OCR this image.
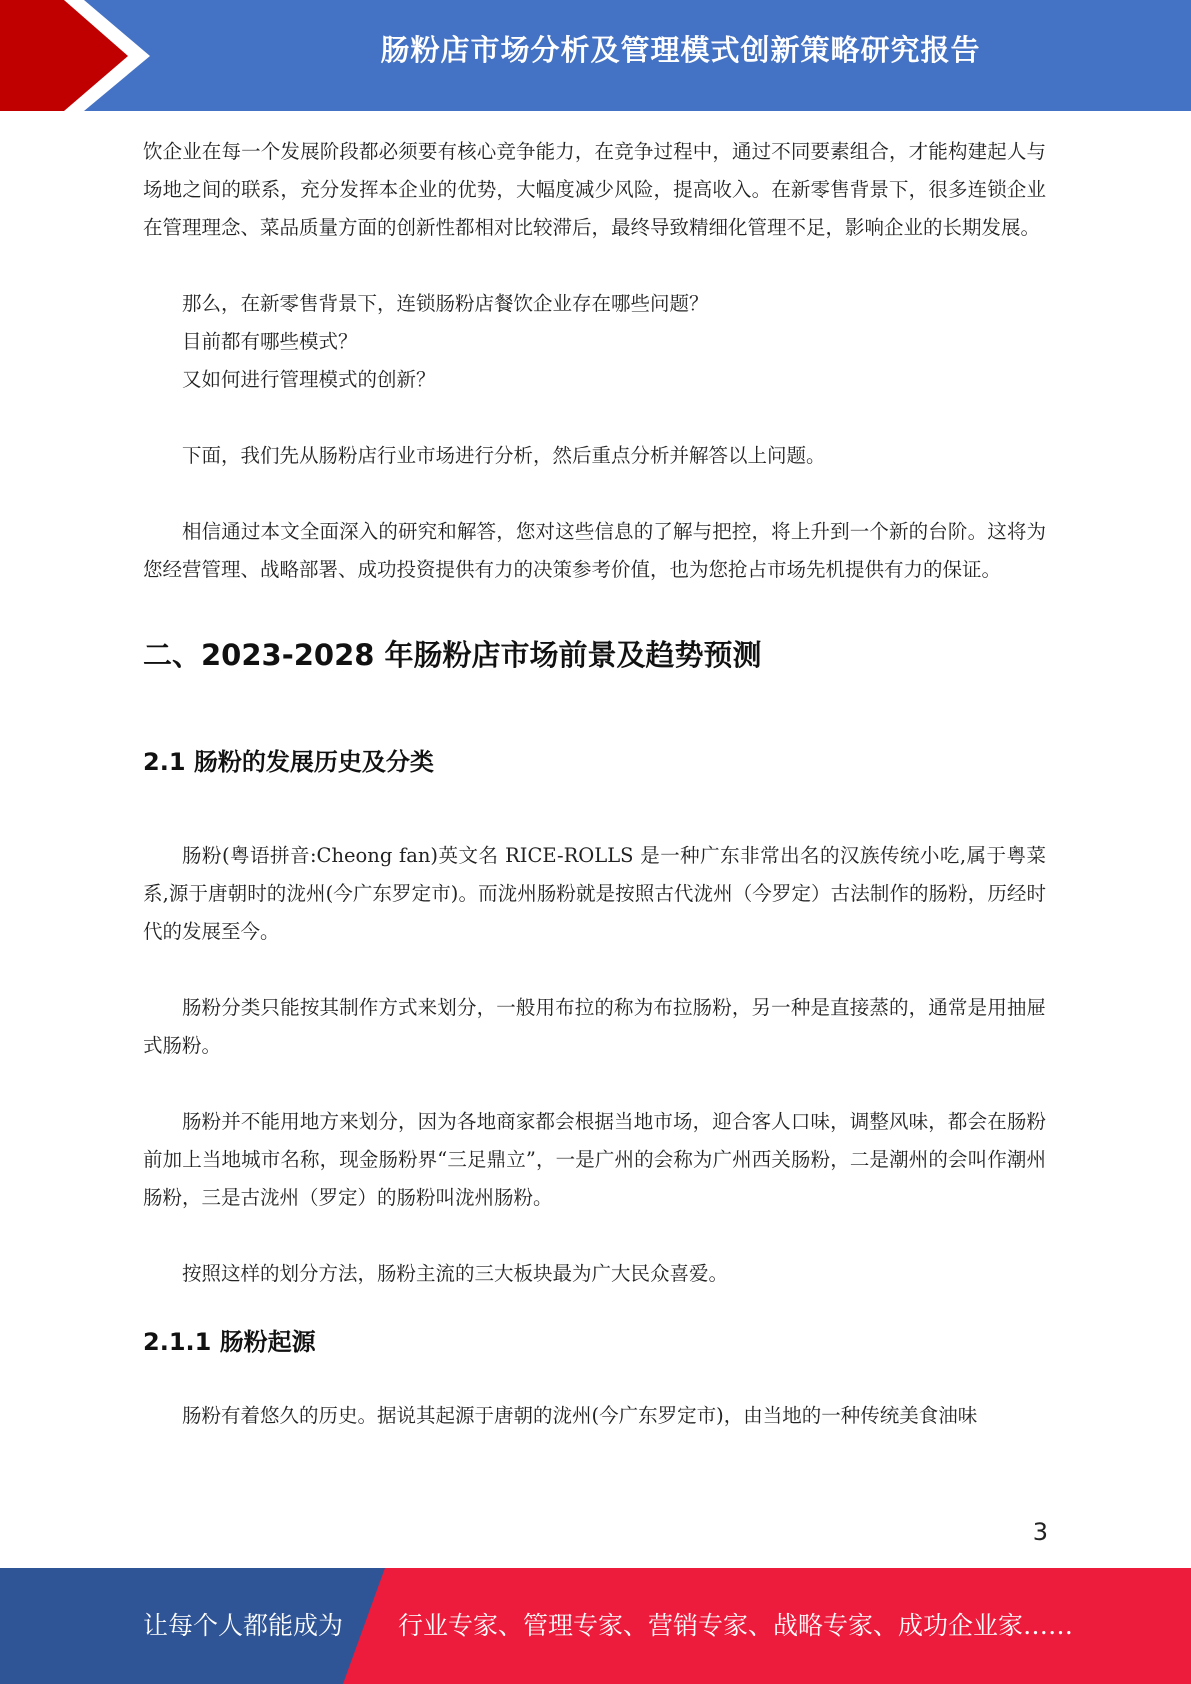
肠粉店市场分析及管理模式创新策略研究报告

饮企业在每一个发展阶段都必须要有核心竞争能力，在竞争过程中，通过不同要素组合，才能构建起人与场地之间的联系，充分发挥本企业的优势，大幅度减少风险，提高收入。在新零售背景下，很多连锁企业在管理理念、菜品质量方面的创新性都相对比较滞后，最终导致精细化管理不足，影响企业的长期发展。

那么，在新零售背景下，连锁肠粉店餐饮企业存在哪些问题？

目前都有哪些模式？

又如何进行管理模式的创新？

下面，我们先从肠粉店行业市场进行分析，然后重点分析并解答以上问题。

相信通过本文全面深入的研究和解答，您对这些信息的了解与把控，将上升到一个新的台阶。这将为您经营管理、战略部署、成功投资提供有力的决策参考价值，也为您抢占市场先机提供有力的保证。

二、2023-2028 年肠粉店市场前景及趋势预测
2.1 肠粉的发展历史及分类

肠粉(粤语拼音:Cheong fan)英文名 RICE-ROLLS 是一种广东非常出名的汉族传统小吃,属于粤菜系,源于唐朝时的泷州(今广东罗定市)。而泷州肠粉就是按照古代泷州（今罗定）古法制作的肠粉，历经时代的发展至今。

肠粉分类只能按其制作方式来划分，一般用布拉的称为布拉肠粉，另一种是直接蒸的，通常是用抽屉式肠粉。

肠粉并不能用地方来划分，因为各地商家都会根据当地市场，迎合客人口味，调整风味，都会在肠粉前加上当地城市名称，现金肠粉界“三足鼎立”，一是广州的会称为广州西关肠粉，二是潮州的会叫作潮州肠粉，三是古泷州（罗定）的肠粉叫泷州肠粉。

按照这样的划分方法，肠粉主流的三大板块最为广大民众喜爱。

2.1.1 肠粉起源

肠粉有着悠久的历史。据说其起源于唐朝的泷州(今广东罗定市)，由当地的一种传统美食油味

3
让每个人都能成为 行业专家、管理专家、营销专家、战略专家、成功企业家……
